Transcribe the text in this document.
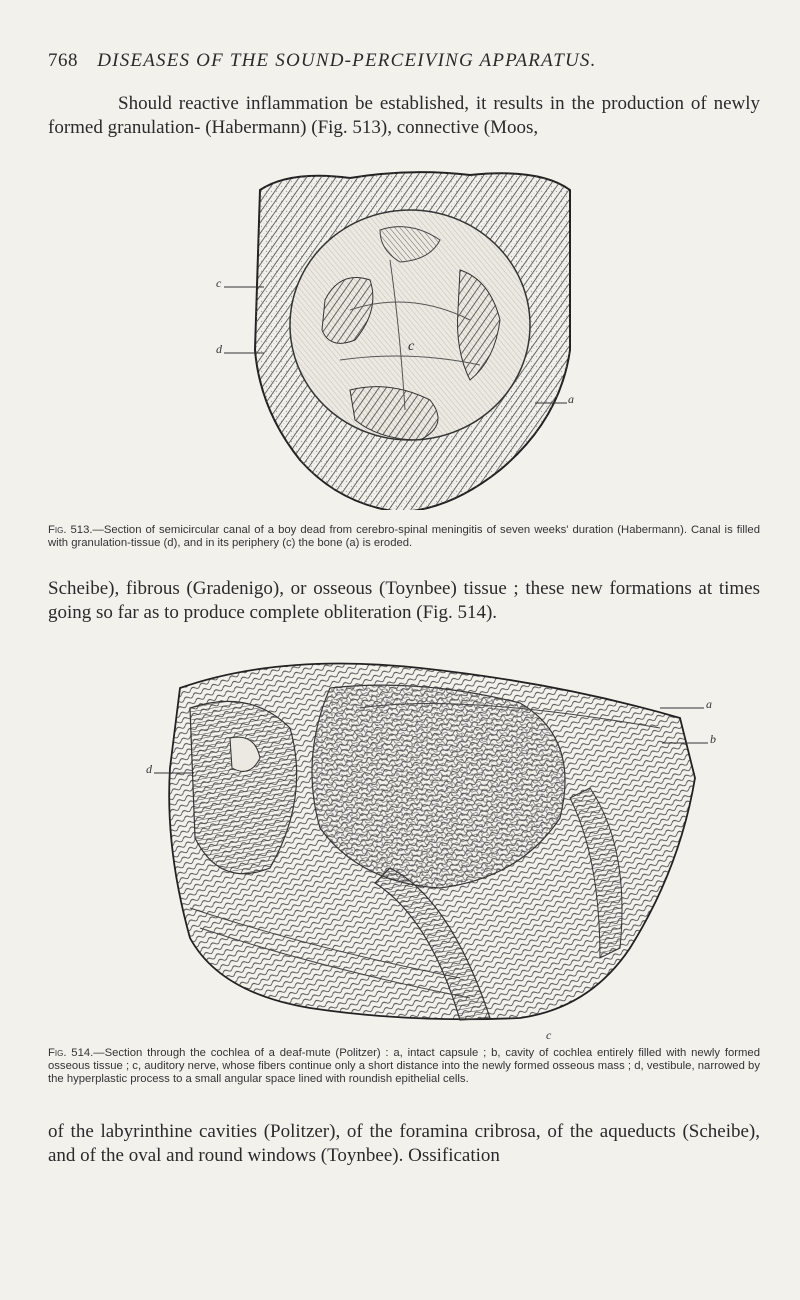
768 DISEASES OF THE SOUND-PERCEIVING APPARATUS.

Should reactive inflammation be established, it results in the production of newly formed granulation- (Habermann) (Fig. 513), connective (Moos,

c
c
d
a
Fig. 513.—Section of semicircular canal of a boy dead from cerebro-spinal meningitis of seven weeks' duration (Habermann). Canal is filled with granulation-tissue (d), and in its periphery (c) the bone (a) is eroded.

Scheibe), fibrous (Gradenigo), or osseous (Toynbee) tissue ; these new formations at times going so far as to produce complete obliteration (Fig. 514).

a
b
d
c
Fig. 514.—Section through the cochlea of a deaf-mute (Politzer) : a, intact capsule ; b, cavity of cochlea entirely filled with newly formed osseous tissue ; c, auditory nerve, whose fibers continue only a short distance into the newly formed osseous mass ; d, vestibule, narrowed by the hyperplastic process to a small angular space lined with roundish epithelial cells.

of the labyrinthine cavities (Politzer), of the foramina cribrosa, of the aqueducts (Scheibe), and of the oval and round windows (Toynbee). Ossification
